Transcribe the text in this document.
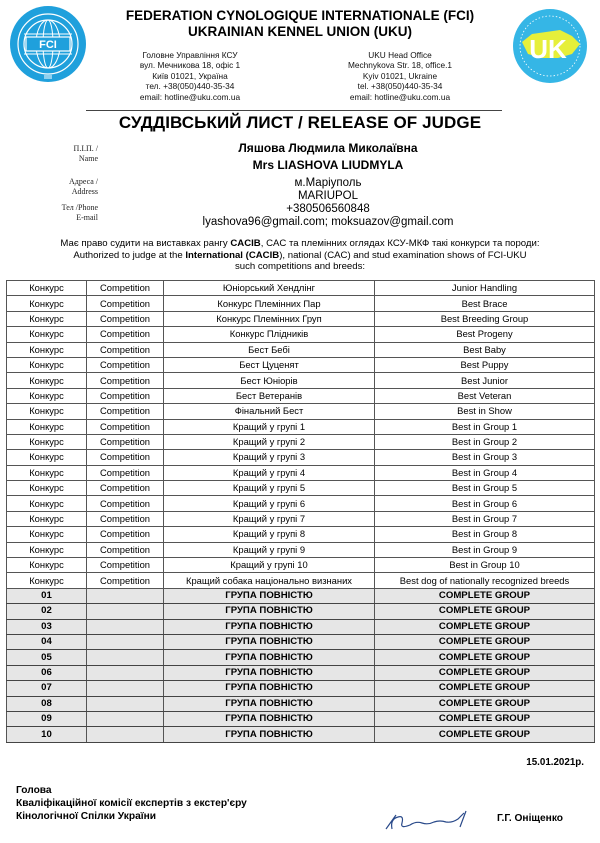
FCI	UK
FEDERATION CYNOLOGIQUE INTERNATIONALE (FCI)

UKRAINIAN KENNEL UNION (UKU)
Головне Управління КСУ
вул. Мечникова 18, офіс 1
Київ 01021, Україна
тел. +38(050)440-35-34
email: hotline@uku.com.ua
UKU Head Office
Mechnykova Str. 18, office.1
Kyiv 01021, Ukraine
tel. +38(050)440-35-34
email: hotline@uku.com.ua
СУДДІВСЬКИЙ ЛИСТ / RELEASE OF JUDGE
П.І.П. /
Name
Адреса /
Address
Тел /Phone
E-mail
Ляшова Людмила Миколаївна
Mrs LIASHOVA LIUDMYLA
м.Маріуполь
MARIUPOL
+380506560848
lyashova96@gmail.com; moksuazov@gmail.com
Має право судити на виставках рангу CACIB, CAC та племінних оглядах КСУ-МКФ такі конкурси та породи:
Authorized to judge at the International (CACIB), national (CAC) and stud examination shows of FCI-UKU
such competitions and breeds:
Конкурс	Competition	Юніорський Хендлінг	Junior Handling
Конкурс	Competition	Конкурс Племінних Пар	Best Brace
Конкурс	Competition	Конкурс Племінних Груп	Best Breeding Group
Конкурс	Competition	Конкурс Плідників	Best Progeny
Конкурс	Competition	Бест Бебі	Best Baby
Конкурс	Competition	Бест Цуценят	Best Puppy
Конкурс	Competition	Бест Юніорів	Best Junior
Конкурс	Competition	Бест Ветеранів	Best Veteran
Конкурс	Competition	Фінальний Бест	Best in Show
Конкурс	Competition	Кращий у групі 1	Best in Group 1
Конкурс	Competition	Кращий у групі 2	Best in Group 2
Конкурс	Competition	Кращий у групі 3	Best in Group 3
Конкурс	Competition	Кращий у групі 4	Best in Group 4
Конкурс	Competition	Кращий у групі 5	Best in Group 5
Конкурс	Competition	Кращий у групі 6	Best in Group 6
Конкурс	Competition	Кращий у групі 7	Best in Group 7
Конкурс	Competition	Кращий у групі 8	Best in Group 8
Конкурс	Competition	Кращий у групі 9	Best in Group 9
Конкурс	Competition	Кращий у групі 10	Best in Group 10
Конкурс	Competition	Кращий собака національно визнаних	Best dog of nationally recognized breeds
01		ГРУПА ПОВНІСТЮ	COMPLETE GROUP
02		ГРУПА ПОВНІСТЮ	COMPLETE GROUP
03		ГРУПА ПОВНІСТЮ	COMPLETE GROUP
04		ГРУПА ПОВНІСТЮ	COMPLETE GROUP
05		ГРУПА ПОВНІСТЮ	COMPLETE GROUP
06		ГРУПА ПОВНІСТЮ	COMPLETE GROUP
07		ГРУПА ПОВНІСТЮ	COMPLETE GROUP
08		ГРУПА ПОВНІСТЮ	COMPLETE GROUP
09		ГРУПА ПОВНІСТЮ	COMPLETE GROUP
10		ГРУПА ПОВНІСТЮ	COMPLETE GROUP
15.01.2021р.
Голова
Кваліфікаційної комісії експертів з екстер'єру
Кінологічної Спілки України	Г.Г. Оніщенко
